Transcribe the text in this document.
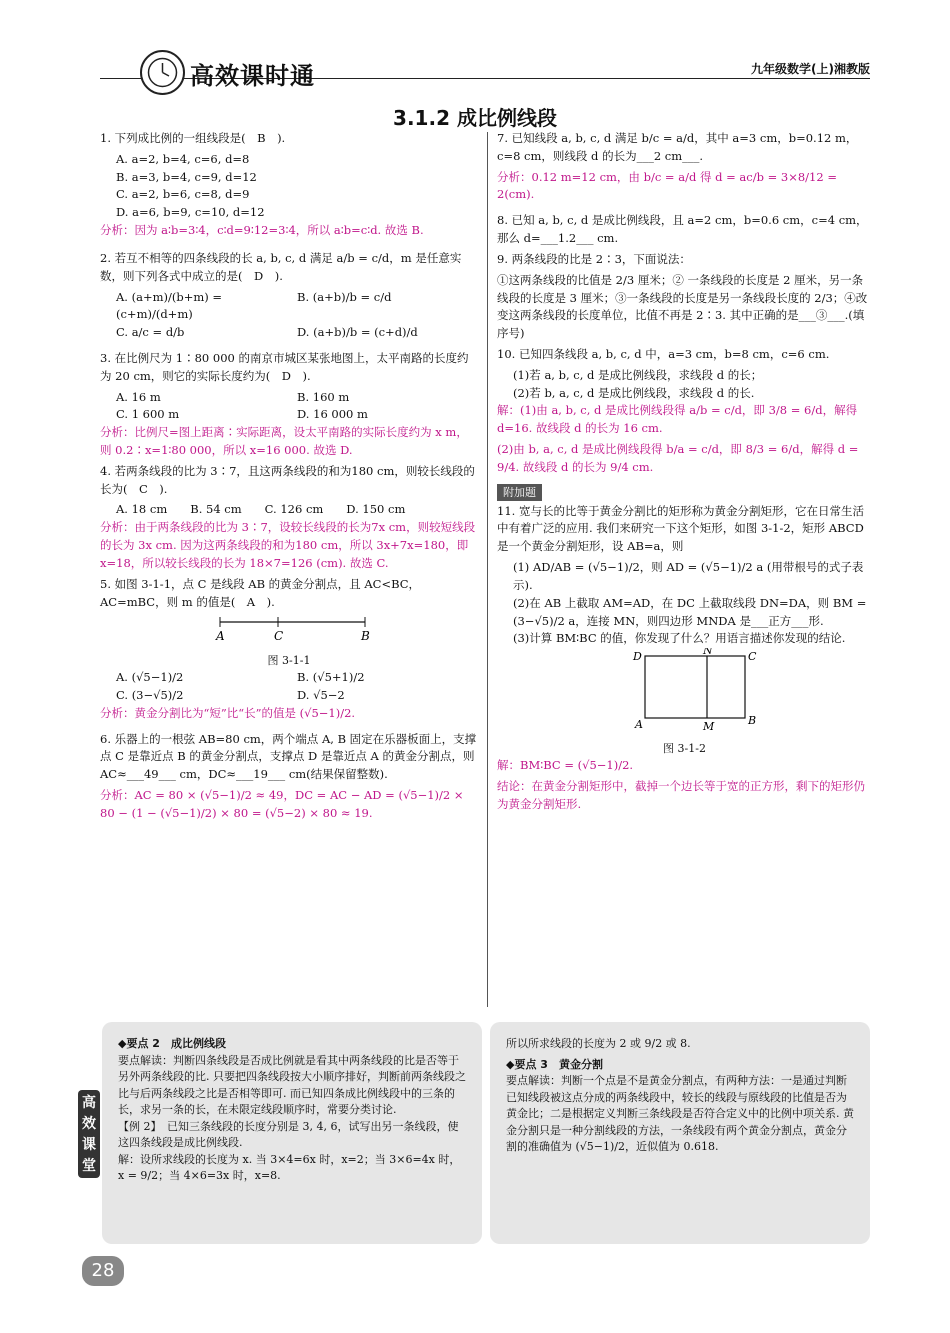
高效课时通	九年级数学(上)湘教版
3.1.2 成比例线段
1. 下列成比例的一组线段是(　B　).
A. a=2, b=4, c=6, d=8
B. a=3, b=4, c=9, d=12
C. a=2, b=6, c=8, d=9
D. a=6, b=9, c=10, d=12
分析：因为 a∶b=3∶4，c∶d=9∶12=3∶4，所以 a∶b=c∶d. 故选 B.
2. 若互不相等的四条线段的长 a, b, c, d 满足 a/b = c/d，m 是任意实数，则下列各式中成立的是(　D　).
A. (a+m)/(b+m) = (c+m)/(d+m)
B. (a+b)/b = c/d
C. a/c = d/b	D. (a+b)/b = (c+d)/d
3. 在比例尺为 1∶80 000 的南京市城区某张地图上，太平南路的长度约为 20 cm，则它的实际长度约为(　D　).
A. 16 m	B. 160 m
C. 1 600 m	D. 16 000 m
分析：比例尺=图上距离∶实际距离，设太平南路的实际长度约为 x m，则 0.2∶x=1∶80 000，所以 x=16 000. 故选 D.
4. 若两条线段的比为 3∶7，且这两条线段的和为180 cm，则较长线段的长为(　C　).
A. 18 cm　　B. 54 cm　　C. 126 cm　　D. 150 cm
分析：由于两条线段的比为 3∶7，设较长线段的长为7x cm，则较短线段的长为 3x cm. 因为这两条线段的和为180 cm，所以 3x+7x=180，即 x=18，所以较长线段的长为 18×7=126 (cm). 故选 C.
5. 如图 3-1-1，点 C 是线段 AB 的黄金分割点，且 AC<BC，AC=mBC，则 m 的值是(　A　).
A	C	B
图 3-1-1
A. (√5−1)/2	B. (√5+1)/2
C. (3−√5)/2	D. √5−2
分析：黄金分割比为“短”比“长”的值是 (√5−1)/2.
6. 乐器上的一根弦 AB=80 cm，两个端点 A, B 固定在乐器板面上，支撑点 C 是靠近点 B 的黄金分割点，支撑点 D 是靠近点 A 的黄金分割点，则 AC≈___49___ cm，DC≈___19___ cm(结果保留整数).
分析：AC = 80 × (√5−1)/2 ≈ 49，DC = AC − AD = (√5−1)/2 × 80 − (1 − (√5−1)/2) × 80 = (√5−2) × 80 ≈ 19.
7. 已知线段 a, b, c, d 满足 b/c = a/d，其中 a=3 cm，b=0.12 m，c=8 cm，则线段 d 的长为___2 cm___.
分析：0.12 m=12 cm，由 b/c = a/d 得 d = ac/b = 3×8/12 = 2(cm).
8. 已知 a, b, c, d 是成比例线段，且 a=2 cm，b=0.6 cm，c=4 cm，那么 d=___1.2___ cm.
9. 两条线段的比是 2∶3，下面说法：
①这两条线段的比值是 2/3 厘米；② 一条线段的长度是 2 厘米，另一条线段的长度是 3 厘米；③一条线段的长度是另一条线段长度的 2/3；④改变这两条线段的长度单位，比值不再是 2∶3. 其中正确的是___③___.(填序号)
10. 已知四条线段 a, b, c, d 中，a=3 cm，b=8 cm，c=6 cm.
(1)若 a, b, c, d 是成比例线段，求线段 d 的长；
(2)若 b, a, c, d 是成比例线段，求线段 d 的长.
解：(1)由 a, b, c, d 是成比例线段得 a/b = c/d，即 3/8 = 6/d，解得 d=16. 故线段 d 的长为 16 cm.
(2)由 b, a, c, d 是成比例线段得 b/a = c/d，即 8/3 = 6/d，解得 d = 9/4. 故线段 d 的长为 9/4 cm.
附加题
11. 宽与长的比等于黄金分割比的矩形称为黄金分割矩形，它在日常生活中有着广泛的应用. 我们来研究一下这个矩形，如图 3-1-2，矩形 ABCD 是一个黄金分割矩形，设 AB=a，则
(1) AD/AB = (√5−1)/2，则 AD = (√5−1)/2 a (用带根号的式子表示).
(2)在 AB 上截取 AM=AD，在 DC 上截取线段 DN=DA，则 BM = (3−√5)/2 a，连接 MN，则四边形 MNDA 是___正方___形.
(3)计算 BM∶BC 的值，你发现了什么？用语言描述你发现的结论.
D	N	C
A	M	B
图 3-1-2
解：BM∶BC = (√5−1)/2.
结论：在黄金分割矩形中，截掉一个边长等于宽的正方形，剩下的矩形仍为黄金分割矩形.
◆要点 2　成比例线段
要点解读：判断四条线段是否成比例就是看其中两条线段的比是否等于另外两条线段的比. 只要把四条线段按大小顺序排好，判断前两条线段之比与后两条线段之比是否相等即可. 而已知四条成比例线段中的三条的长，求另一条的长，在未限定线段顺序时，常要分类讨论.
【例 2】　已知三条线段的长度分别是 3, 4, 6，试写出另一条线段，使这四条线段是成比例线段.
解：设所求线段的长度为 x. 当 3×4=6x 时，x=2；当 3×6=4x 时，x = 9/2；当 4×6=3x 时，x=8.
所以所求线段的长度为 2 或 9/2 或 8.
◆要点 3　黄金分割
要点解读：判断一个点是不是黄金分割点，有两种方法：一是通过判断已知线段被这点分成的两条线段中，较长的线段与原线段的比值是否为黄金比；二是根据定义判断三条线段是否符合定义中的比例中项关系. 黄金分割只是一种分割线段的方法，一条线段有两个黄金分割点，黄金分割的准确值为 (√5−1)/2，近似值为 0.618.
高效课堂
28
